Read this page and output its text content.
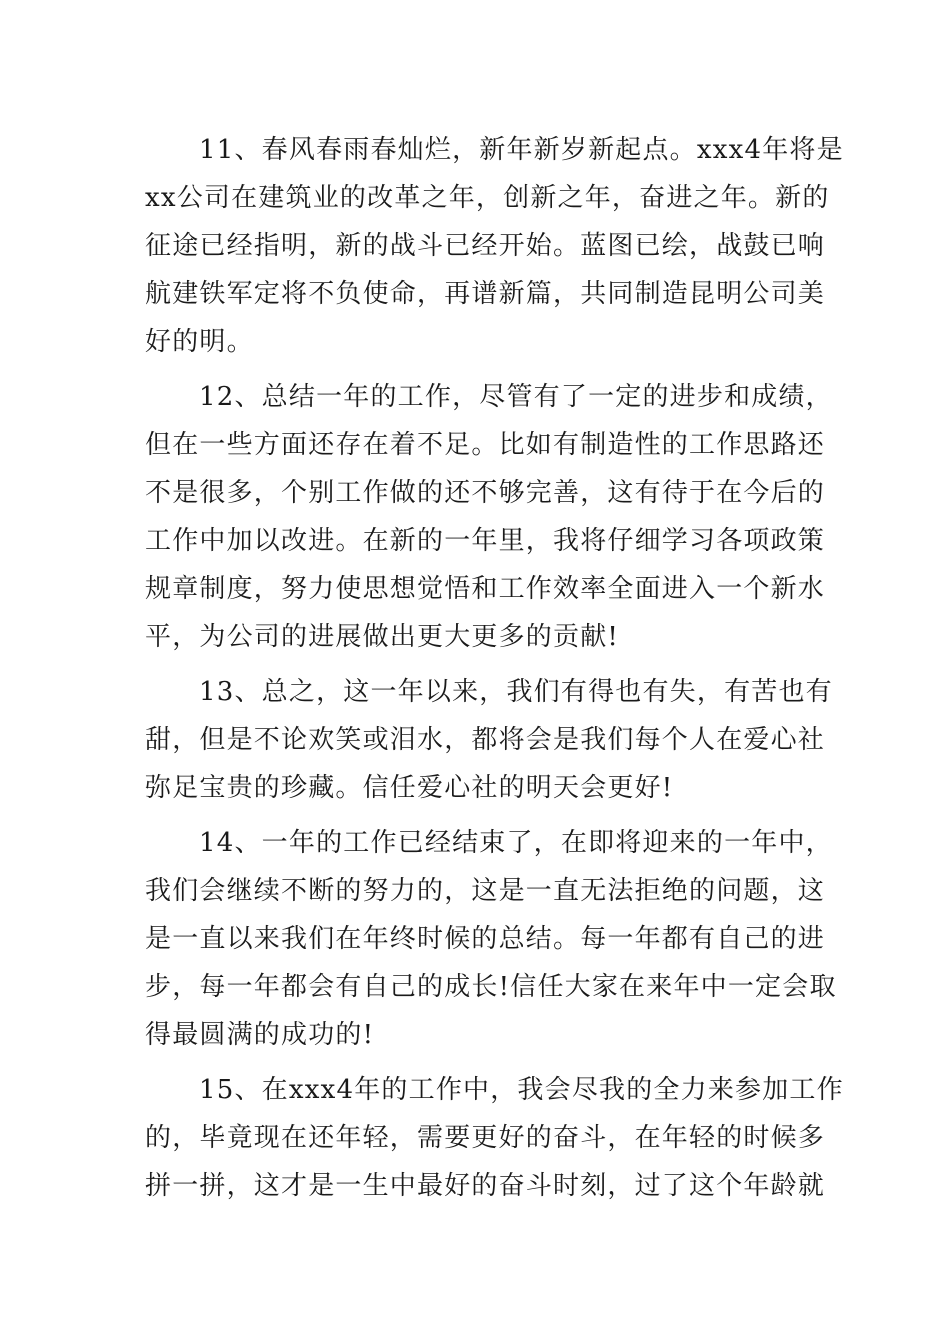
11、春风春雨春灿烂，新年新岁新起点。xxx4年将是
xx公司在建筑业的改革之年，创新之年，奋进之年。新的
征途已经指明，新的战斗已经开始。蓝图已绘，战鼓已响
航建铁军定将不负使命，再谱新篇，共同制造昆明公司美
好的明。

12、总结一年的工作，尽管有了一定的进步和成绩，
但在一些方面还存在着不足。比如有制造性的工作思路还
不是很多，个别工作做的还不够完善，这有待于在今后的
工作中加以改进。在新的一年里，我将仔细学习各项政策
规章制度，努力使思想觉悟和工作效率全面进入一个新水
平，为公司的进展做出更大更多的贡献!

13、总之，这一年以来，我们有得也有失，有苦也有
甜，但是不论欢笑或泪水，都将会是我们每个人在爱心社
弥足宝贵的珍藏。信任爱心社的明天会更好!

14、一年的工作已经结束了，在即将迎来的一年中，
我们会继续不断的努力的，这是一直无法拒绝的问题，这
是一直以来我们在年终时候的总结。每一年都有自己的进
步，每一年都会有自己的成长!信任大家在来年中一定会取
得最圆满的成功的!

15、在xxx4年的工作中，我会尽我的全力来参加工作
的，毕竟现在还年轻，需要更好的奋斗，在年轻的时候多
拼一拼，这才是一生中最好的奋斗时刻，过了这个年龄就
